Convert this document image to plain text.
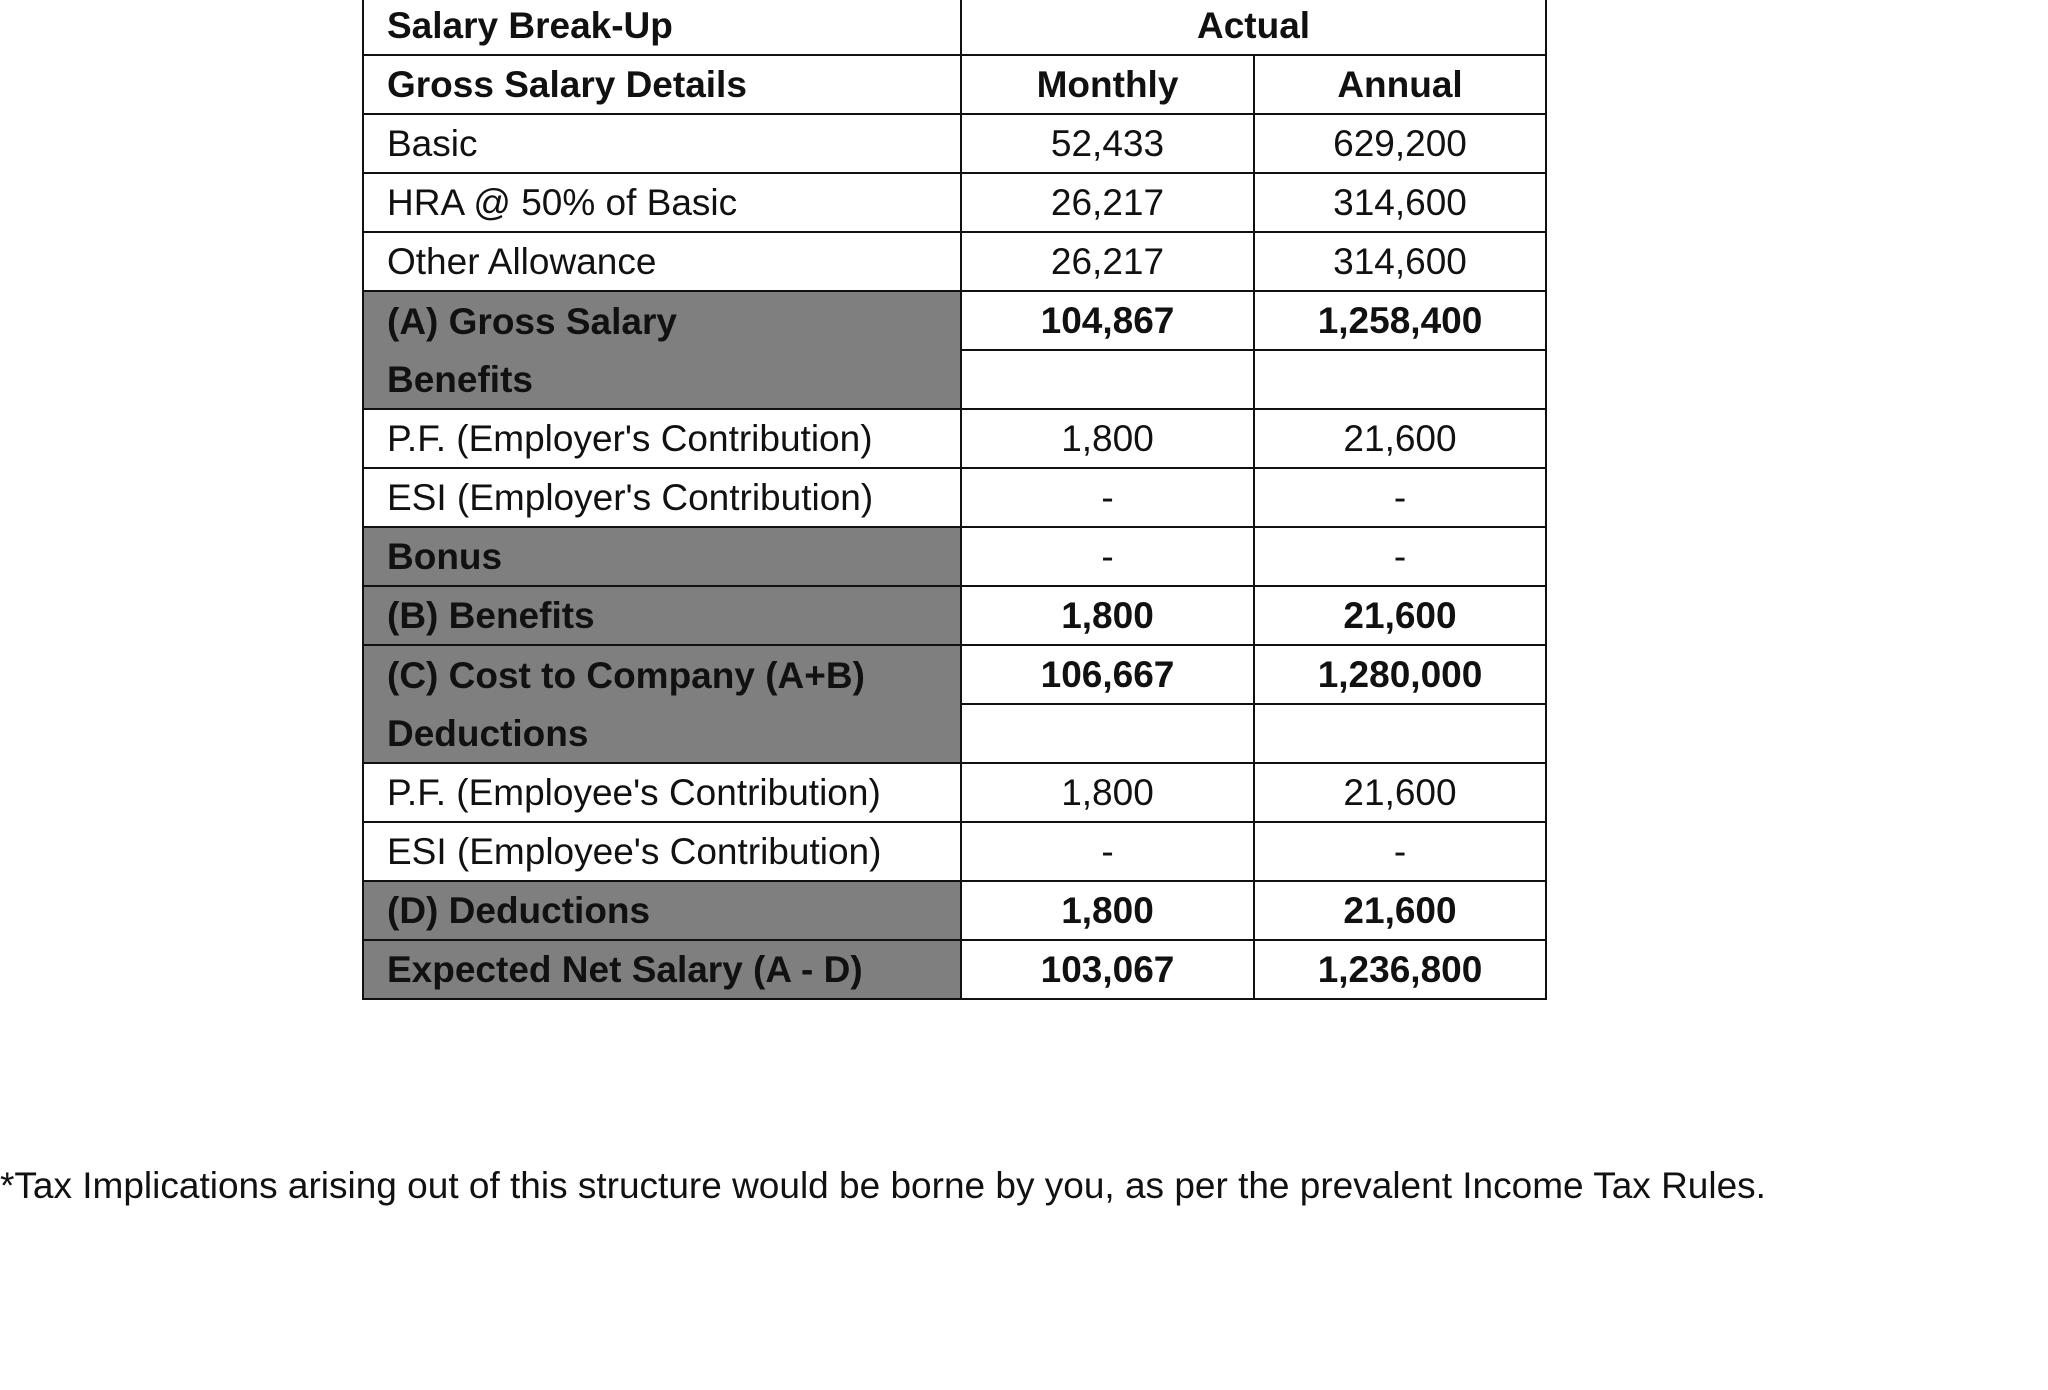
Salary Break-Up	Actual	
Gross Salary Details	Monthly	Annual
Basic	52,433	629,200
HRA @ 50% of Basic	26,217	314,600
Other Allowance	26,217	314,600
(A) Gross Salary	104,867	1,258,400
Benefits		
P.F. (Employer's Contribution)	1,800	21,600
ESI (Employer's Contribution)	-	-
Bonus	-	-
(B) Benefits	1,800	21,600
(C) Cost to Company (A+B)	106,667	1,280,000
Deductions		
P.F. (Employee's Contribution)	1,800	21,600
ESI (Employee's Contribution)	-	-
(D) Deductions	1,800	21,600
Expected Net Salary (A - D)	103,067	1,236,800
*Tax Implications arising out of this structure would be borne by you, as per the prevalent Income Tax Rules.
